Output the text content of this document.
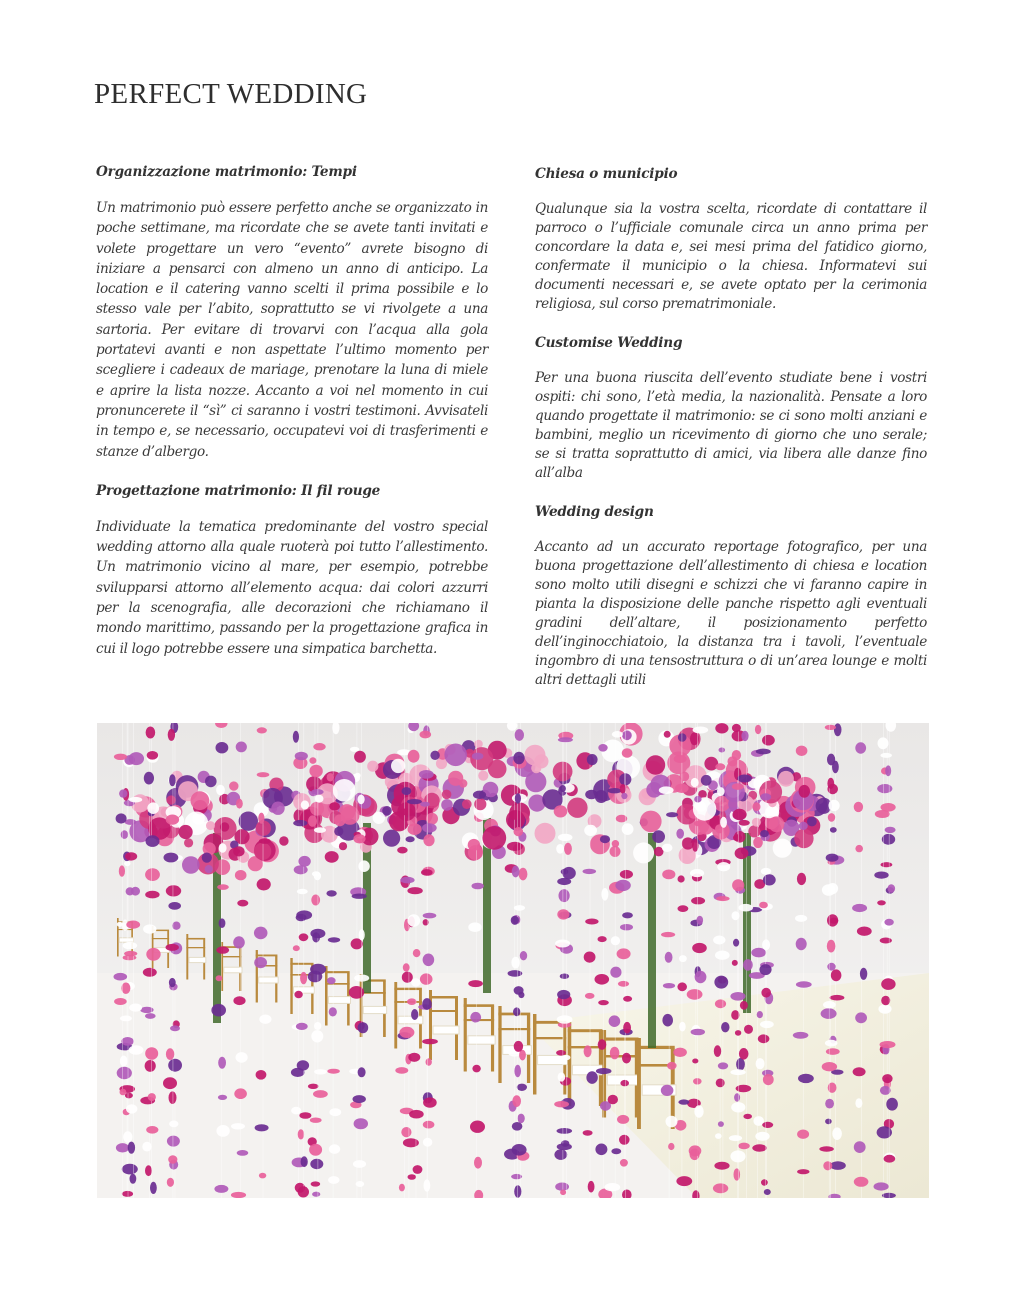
PERFECT WEDDING
Organizzazione matrimonio: Tempi

Un matrimonio può essere perfetto anche se organizzato in poche settimane, ma ricordate che se avete tanti invitati e volete progettare un vero “evento” avrete bisogno di iniziare a pensarci con almeno un anno di anticipo. La location e il catering vanno scelti il prima possibile e lo stesso vale per l’abito, soprattutto se vi rivolgete a una sartoria. Per evitare di trovarvi con l’acqua alla gola portatevi avanti e non aspettate l’ultimo momento per scegliere i cadeaux de mariage, prenotare la luna di miele e aprire la lista nozze. Accanto a voi nel momento in cui pronuncerete il “sì” ci saranno i vostri testimoni. Avvisateli in tempo e, se necessario, occupatevi voi di trasferimenti e stanze d’albergo.

Progettazione matrimonio: Il fil rouge

Individuate la tematica predominante del vostro special wedding attorno alla quale ruoterà poi tutto l’allestimento. Un matrimonio vicino al mare, per esempio, potrebbe svilupparsi attorno all’elemento acqua: dai colori azzurri per la scenografia, alle decorazioni che richiamano il mondo marittimo, passando per la progettazione grafica in cui il logo potrebbe essere una simpatica barchetta.

Chiesa o municipio

Qualunque sia la vostra scelta, ricordate di contattare il parroco o l’ufficiale comunale circa un anno prima per concordare la data e, sei mesi prima del fatidico giorno, confermate il municipio o la chiesa. Informatevi sui documenti necessari e, se avete optato per la cerimonia religiosa, sul corso prematrimoniale.

Customise Wedding

Per una buona riuscita dell’evento studiate bene i vostri ospiti: chi sono, l’età media, la nazionalità. Pensate a loro quando progettate il matrimonio: se ci sono molti anziani e bambini, meglio un ricevimento di giorno che uno serale; se si tratta soprattutto di amici, via libera alle danze fino all’alba

Wedding design

Accanto ad un accurato reportage fotografico, per una buona progettazione dell’allestimento di chiesa e location sono molto utili disegni e schizzi che vi faranno capire in pianta la disposizione delle panche rispetto agli eventuali gradini dell’altare, il posizionamento perfetto dell’inginocchiatoio, la distanza tra i tavoli, l’eventuale ingombro di una tensostruttura o di un’area lounge e molti altri dettagli utili
